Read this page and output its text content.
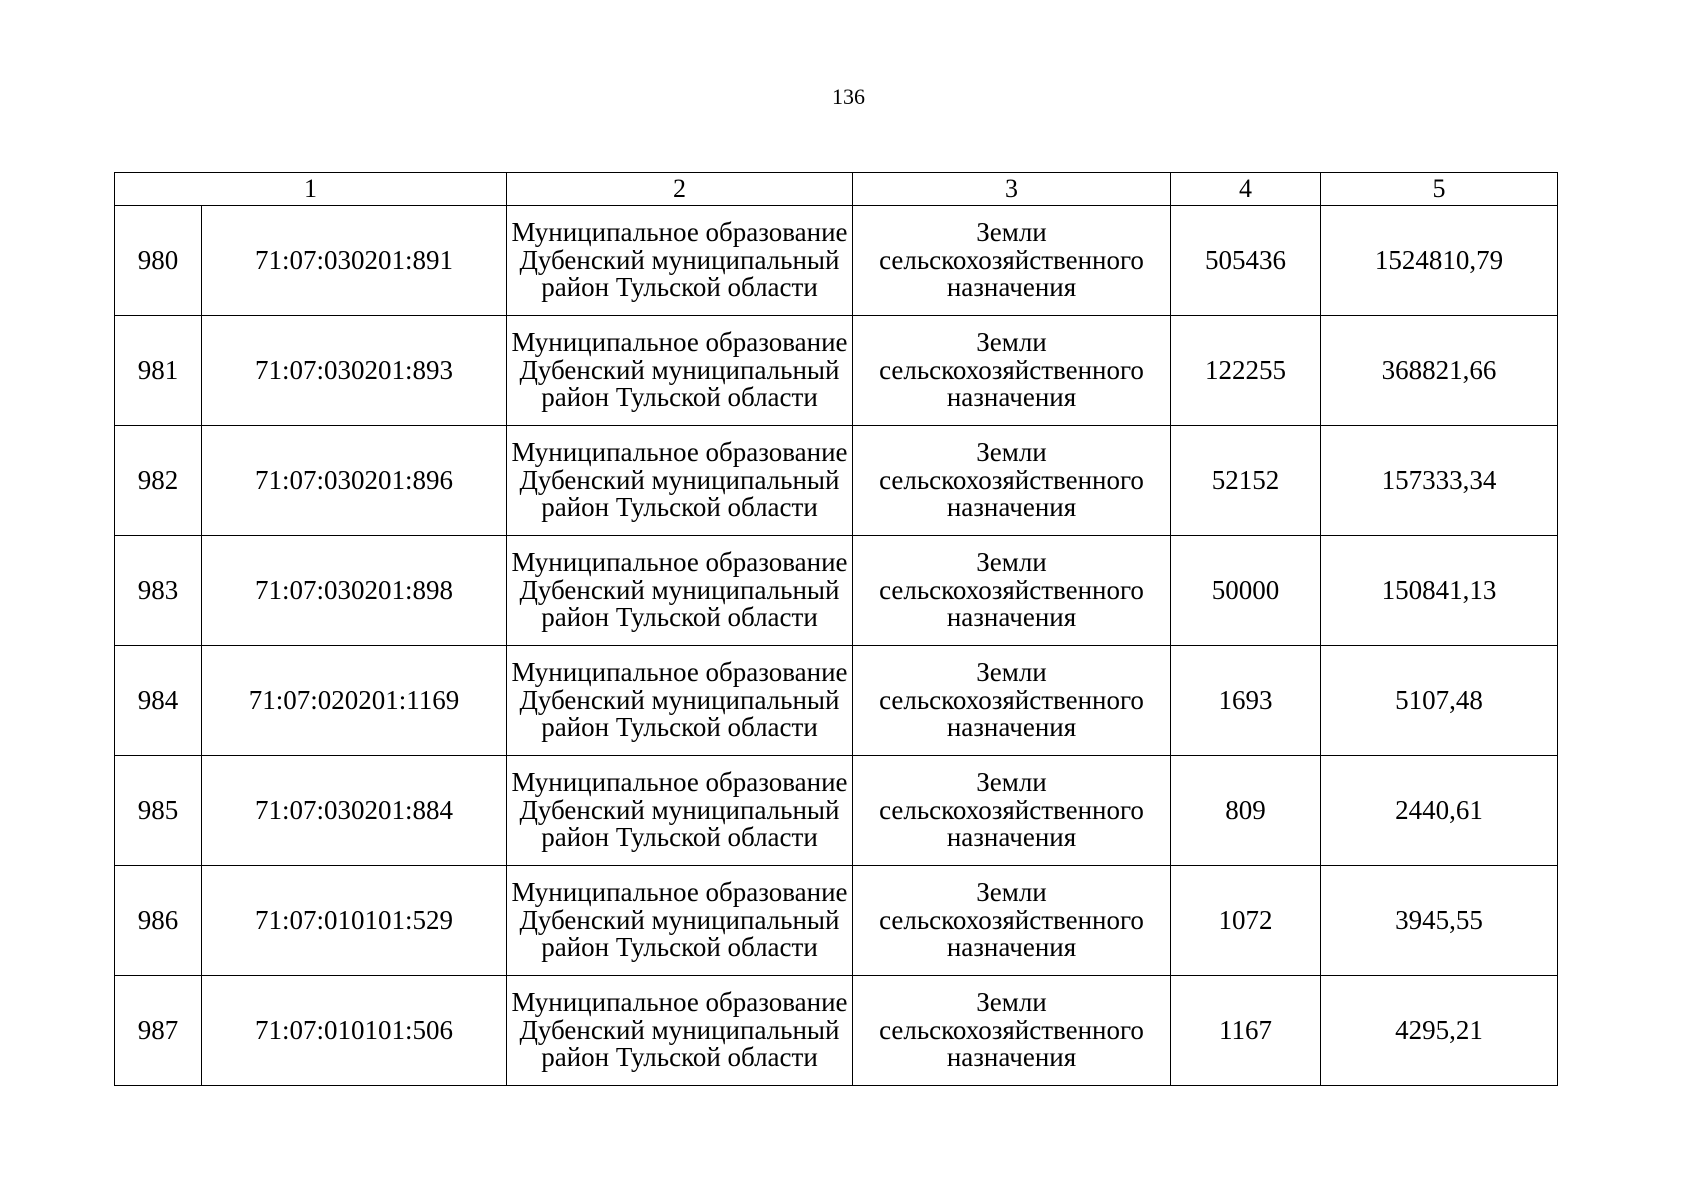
136
1		2	3	4	5
980	71:07:030201:891	Муниципальное образование Дубенский муниципальный район Тульской области	Земли сельскохозяйственного назначения	505436	1524810,79
981	71:07:030201:893	Муниципальное образование Дубенский муниципальный район Тульской области	Земли сельскохозяйственного назначения	122255	368821,66
982	71:07:030201:896	Муниципальное образование Дубенский муниципальный район Тульской области	Земли сельскохозяйственного назначения	52152	157333,34
983	71:07:030201:898	Муниципальное образование Дубенский муниципальный район Тульской области	Земли сельскохозяйственного назначения	50000	150841,13
984	71:07:020201:1169	Муниципальное образование Дубенский муниципальный район Тульской области	Земли сельскохозяйственного назначения	1693	5107,48
985	71:07:030201:884	Муниципальное образование Дубенский муниципальный район Тульской области	Земли сельскохозяйственного назначения	809	2440,61
986	71:07:010101:529	Муниципальное образование Дубенский муниципальный район Тульской области	Земли сельскохозяйственного назначения	1072	3945,55
987	71:07:010101:506	Муниципальное образование Дубенский муниципальный район Тульской области	Земли сельскохозяйственного назначения	1167	4295,21
